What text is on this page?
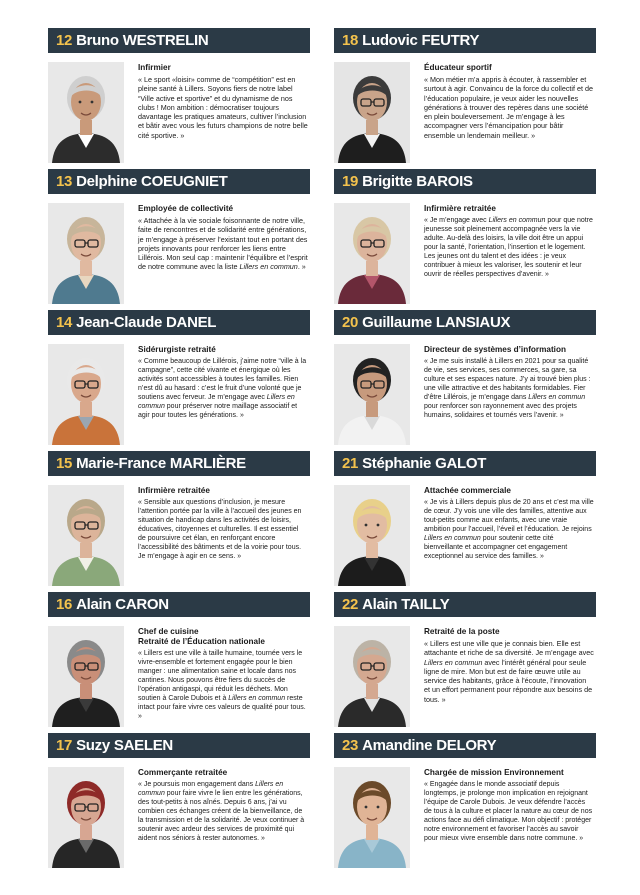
12 Bruno WESTRELIN
Infirmier
« Le sport «loisir» comme de “compétition” est en pleine santé à Lillers. Soyons fiers de notre label “Ville active et sportive” et du dynamisme de nos clubs ! Mon ambition : démocratiser toujours davantage les pratiques amateurs, cultiver l’inclusion et bâtir avec vous les futurs champions de notre belle cité sportive. »
18 Ludovic FEUTRY
Éducateur sportif
« Mon métier m’a appris à écouter, à rassembler et surtout à agir. Convaincu de la force du collectif et de l’éducation populaire, je veux aider les nouvelles générations à trouver des repères dans une société en plein bouleversement. Je m’engage à les accompagner vers l’émancipation pour bâtir ensemble un lendemain meilleur. »
13 Delphine COEUGNIET
Employée de collectivité
« Attachée à la vie sociale foisonnante de notre ville, faite de rencontres et de solidarité entre générations, je m’engage à préserver l’existant tout en portant des projets innovants pour renforcer les liens entre Lillérois. Mon seul cap : maintenir l’équilibre et l’esprit de notre commune avec la liste Lillers en commun. »
19 Brigitte BAROIS
Infirmière retraitée
« Je m’engage avec Lillers en commun pour que notre jeunesse soit pleinement accompagnée vers la vie adulte. Au-delà des loisirs, la ville doit être un appui pour la santé, l’orientation, l’insertion et le logement. Les jeunes ont du talent et des idées : je veux contribuer à mieux les valoriser, les soutenir et leur ouvrir de réelles perspectives d’avenir. »
14 Jean-Claude DANEL
Sidérurgiste retraité
« Comme beaucoup de Lillérois, j’aime notre “ville à la campagne”, cette cité vivante et énergique où les activités sont accessibles à toutes les familles. Rien n’est dû au hasard : c’est le fruit d’une volonté que je soutiens avec ferveur. Je m’engage avec Lillers en commun pour préserver notre maillage associatif et agir pour toutes les générations. »
20 Guillaume LANSIAUX
Directeur de systèmes d’information
« Je me suis installé à Lillers en 2021 pour sa qualité de vie, ses services, ses commerces, sa gare, sa culture et ses espaces nature. J’y ai trouvé bien plus : une ville attractive et des habitants formidables. Fier d’être Lillérois, je m’engage dans Lillers en commun pour renforcer son rayonnement avec des projets humains, solidaires et tournés vers l’avenir. »
15 Marie-France MARLIÈRE
Infirmière retraitée
« Sensible aux questions d’inclusion, je mesure l’attention portée par la ville à l’accueil des jeunes en situation de handicap dans les activités de loisirs, éducatives, citoyennes et culturelles. Il est essentiel de poursuivre cet élan, en renforçant encore l’accessibilité des bâtiments et de la voirie pour tous. Je m’engage à agir en ce sens. »
21 Stéphanie GALOT
Attachée commerciale
« Je vis à Lillers depuis plus de 20 ans et c’est ma ville de cœur. J’y vois une ville des familles, attentive aux tout-petits comme aux enfants, avec une vraie ambition pour l’accueil, l’éveil et l’éducation. Je rejoins Lillers en commun pour soutenir cette cité bienveillante et accompagner cet engagement exceptionnel au service des familles. »
16 Alain CARON
Chef de cuisine
Retraité de l’Éducation nationale
« Lillers est une ville à taille humaine, tournée vers le vivre-ensemble et fortement engagée pour le bien manger : une alimentation saine et locale dans nos cantines. Nous pouvons être fiers du succès de l’opération antigaspi, qui réduit les déchets. Mon soutien à Carole Dubois et à Lillers en commun reste intact pour faire vivre ces valeurs de qualité pour tous. »
22 Alain TAILLY
Retraité de la poste
« Lillers est une ville que je connais bien. Elle est attachante et riche de sa diversité. Je m’engage avec Lillers en commun avec l’intérêt général pour seule ligne de mire. Mon but est de faire œuvre utile au service des habitants, grâce à l’écoute, l’innovation et un effort permanent pour répondre aux besoins de tous. »
17 Suzy SAELEN
Commerçante retraitée
« Je poursuis mon engagement dans Lillers en commun pour faire vivre le lien entre les générations, des tout-petits à nos aînés. Depuis 6 ans, j’ai vu combien ces échanges créent de la bienveillance, de la transmission et de la solidarité. Je veux continuer à soutenir avec ardeur des services de proximité qui aident nos séniors à rester autonomes. »
23 Amandine DELORY
Chargée de mission Environnement
« Engagée dans le monde associatif depuis longtemps, je prolonge mon implication en rejoignant l’équipe de Carole Dubois. Je veux défendre l’accès de tous à la culture et placer la nature au cœur de nos actions face au défi climatique. Mon objectif : protéger notre environnement et favoriser l’accès au savoir pour mieux vivre ensemble dans notre commune. »
